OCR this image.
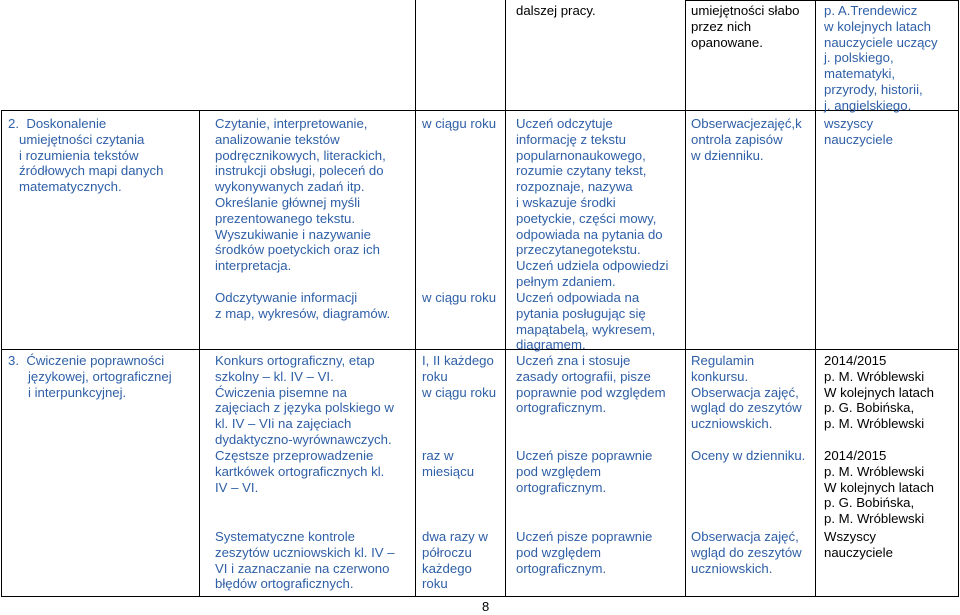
dalszej pracy.	umiejętności słabo
przez nich
opanowane.
p. A.Trendewicz
w kolejnych latach
nauczyciele uczący
j. polskiego,
matematyki,
przyrody, historii,
j. angielskiego.
2.  Doskonalenie
umiejętności czytania
i rozumienia tekstów
źródłowych mapi danych
matematycznych.
Czytanie, interpretowanie,
analizowanie tekstów
podręcznikowych, literackich,
instrukcji obsługi, poleceń do
wykonywanych zadań itp.
Określanie głównej myśli
prezentowanego tekstu.
Wyszukiwanie i nazywanie
środków poetyckich oraz ich
interpretacja.
Odczytywanie informacji
z map, wykresów, diagramów.
w ciągu roku
w ciągu roku
Uczeń odczytuje
informację z tekstu
popularnonaukowego,
rozumie czytany tekst,
rozpoznaje, nazywa
i wskazuje środki
poetyckie, części mowy,
odpowiada na pytania do
przeczytanegotekstu.
Uczeń udziela odpowiedzi
pełnym zdaniem.
Uczeń odpowiada na
pytania posługując się
mapątabelą, wykresem,
diagramem.
Obserwacjezajęć,k
ontrola zapisów
w dzienniku.
wszyscy
nauczyciele
3.  Ćwiczenie poprawności
językowej, ortograficznej
i interpunkcyjnej.
Konkurs ortograficzny, etap
szkolny – kl. IV – VI.
Ćwiczenia pisemne na
zajęciach z języka polskiego w
kl. IV – VIi na zajęciach
dydaktyczno-wyrównawczych.
Częstsze przeprowadzenie
kartkówek ortograficznych kl.
IV – VI.
Systematyczne kontrole
zeszytów uczniowskich kl. IV –
VI i zaznaczanie na czerwono
błędów ortograficznych.
I, II każdego
roku
w ciągu roku
raz w
miesiącu
dwa razy w
półroczu
każdego
roku
Uczeń zna i stosuje
zasady ortografii, pisze
poprawnie pod względem
ortograficznym.
Uczeń pisze poprawnie
pod względem
ortograficznym.
Uczeń pisze poprawnie
pod względem
ortograficznym.
Regulamin
konkursu.
Obserwacja zajęć,
wgląd do zeszytów
uczniowskich.
Oceny w dzienniku.
Obserwacja zajęć,
wgląd do zeszytów
uczniowskich.
2014/2015
p. M. Wróblewski
W kolejnych latach
p. G. Bobińska,
p. M. Wróblewski
2014/2015
p. M. Wróblewski
W kolejnych latach
p. G. Bobińska,
p. M. Wróblewski
Wszyscy
nauczyciele
8
